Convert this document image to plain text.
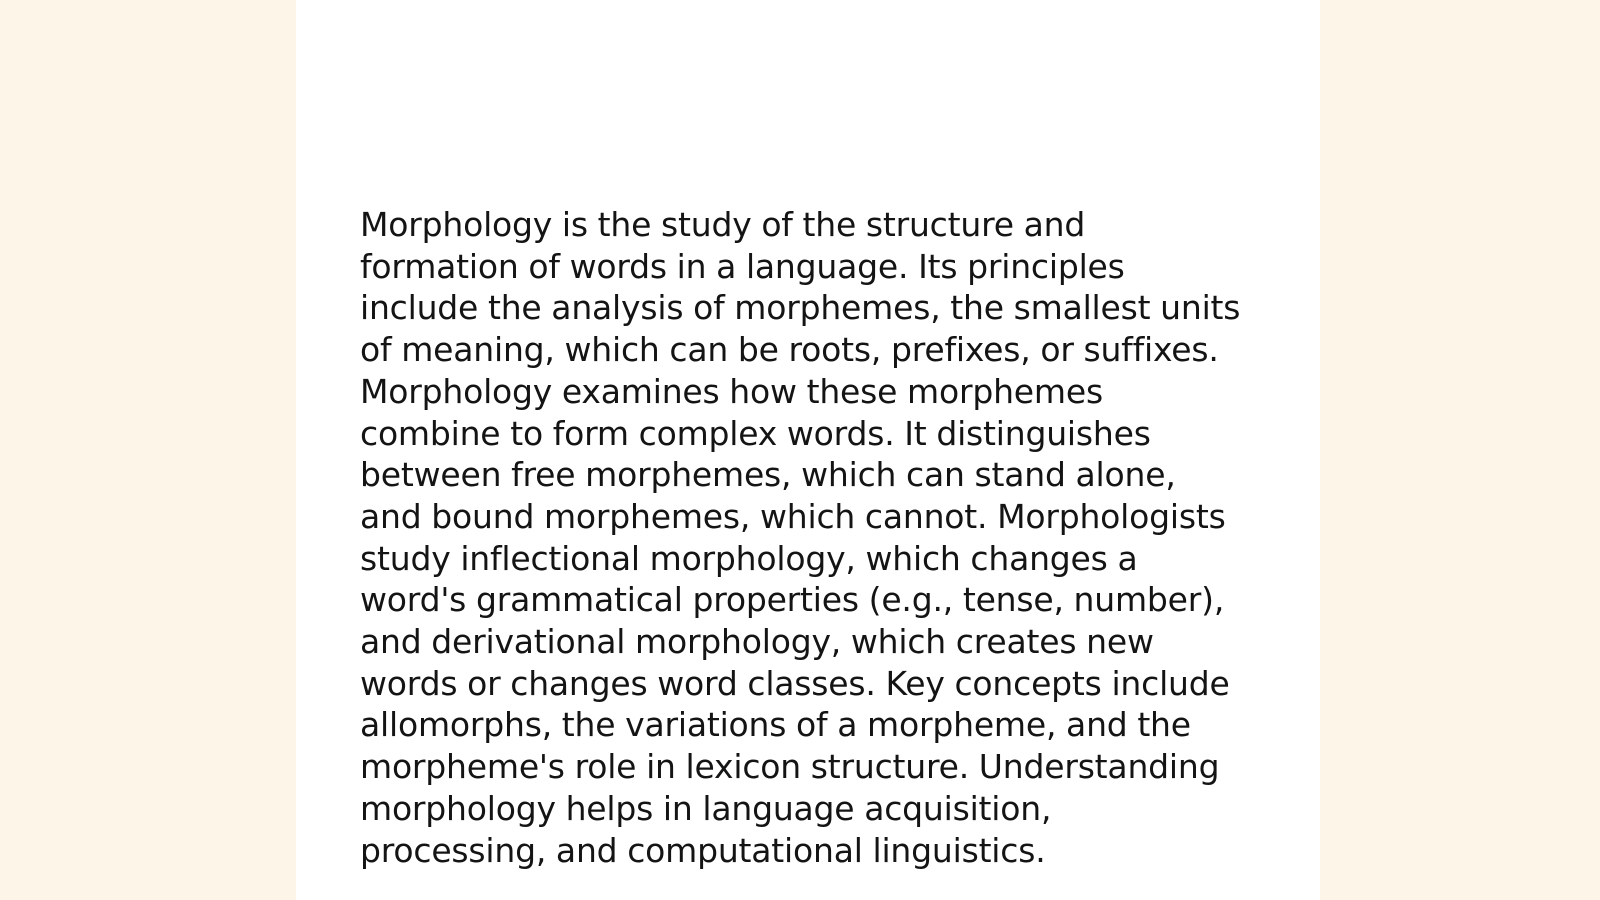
Morphology is the study of the structure and
formation of words in a language. Its principles
include the analysis of morphemes, the smallest units
of meaning, which can be roots, prefixes, or suffixes.
Morphology examines how these morphemes
combine to form complex words. It distinguishes
between free morphemes, which can stand alone,
and bound morphemes, which cannot. Morphologists
study inflectional morphology, which changes a
word's grammatical properties (e.g., tense, number),
and derivational morphology, which creates new
words or changes word classes. Key concepts include
allomorphs, the variations of a morpheme, and the
morpheme's role in lexicon structure. Understanding
morphology helps in language acquisition,
processing, and computational linguistics.
